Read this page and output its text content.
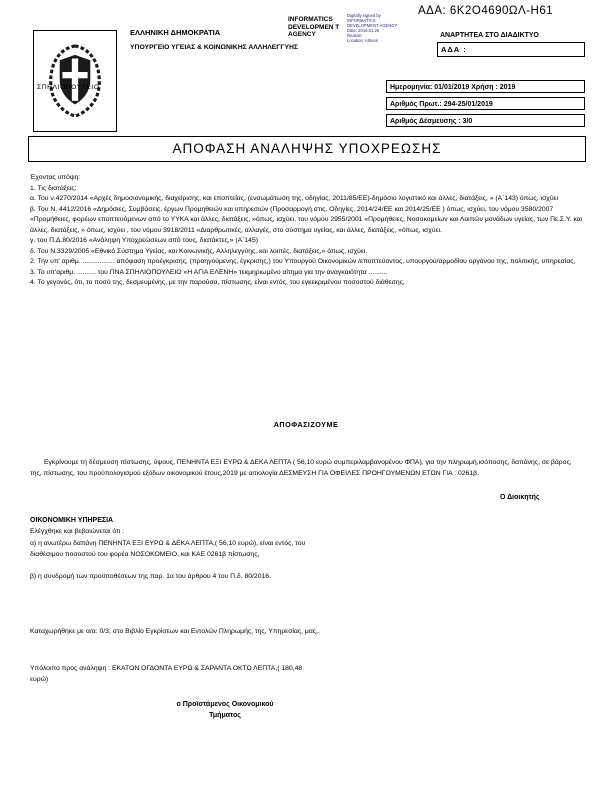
ΑΔΑ: 6Κ2Ο4690ΩΛ-Η61
ΕΛΛΗΝΙΚΗ ΔΗΜΟΚΡΑΤΙΑ
ΥΠΟΥΡΓΕΙΟ ΥΓΕΙΑΣ & ΚΟΙΝΩΝΙΚΗΣ ΑΛΛΗΛΕΓΓΥΗΣ
ΣΠΗΛΙΟΠΟΥΛΕΙΟ
INFORMATICS DEVELOPMEN T AGENCY
Digitally signed by
INFORMATICS
DEVELOPMENT AGENCY
Date: 2019.01.25
Reason:
Location: Athens
ΑΝΑΡΤΗΤΕΑ ΣΤΟ ΔΙΑΔΙΚΤΥΟ
ΑΔΑ :
Ημερομηνία: 01/01/2019 Χρήση : 2019
Αριθμός Πρωτ.: 294-25/01/2019
Αριθμός Δέσμευσης : 3/0
ΑΠΟΦΑΣΗ ΑΝΑΛΗΨΗΣ ΥΠΟΧΡΕΩΣΗΣ

Έχοντας υπόψη:

1. Τις διατάξεις:

α. Του ν.4270/2014 «Αρχές δημοσιονομικής, διαχείρισης, και εποπτείας, (ενσωμάτωση της, οδηγίας, 2011/85/ΕΕ)-δημόσιο λογιστικό και άλλες, διατάξεις, » (Α΄143) όπως, ισχύει

β. Του Ν. 4412/2016 «Δημόσιες, Συμβάσεις, έργων Προμηθειών και υπηρεσιών (Προσαρμογή στις, Οδηγίες, 2014/24/ΕΕ και 2014/25/ΕΕ ) όπως, ισχύει, του νόμου 3580/2007 «Προμήθειες, φορέων εποπτευόμενων από το ΥΥΚΑ και άλλες, διατάξεις, »όπως, ισχύει, του νόμου 2955/2001 «Προμήθειες, Νοσοκομείων και Λοιπών μονάδων υγείας, των Πε.Σ.Υ. και άλλες, διατάξεις, » όπως, ισχύει , του νόμου 3918/2011 «Διαρθρωτικές, αλλαγές, στο σύστημα υγείας, και άλλες, διατάξεις, »όπως, ισχύει.

γ. του Π.Δ.80/2016 «Ανάληψη Υποχρεώσεων από τους, διατάκτες,» (Α΄145)

δ. Του Ν.3329/2005 «Εθνικό Σύστημα Υγείας, και Κοινωνικής, Αλληλεγγύης, και λοιπές, διατάξεις,» όπως, ισχύει.

2. Την υπ' αριθμ. ................. απόφαση προέγκρισης, (προηγούμενης, έγκρισης,) του Υπουργού Οικονομικών /εποπτεύοντος, υπουργού/αρμοδίου οργάνου της, πολιτικής, υπηρεσίας,

3. Το υπ'αριθμ. .......... του ΠΝΑ ΣΠΗΛΙΟΠΟΥΛΕΙΟ «Η ΑΓΙΑ ΕΛΕΝΗ» τεκμηριωμένο αίτημα για την αναγκαιότητα ..........

4. Το γεγονός, ότι, το ποσό της, δεσμευμένης, με την παρούσα, πίστωσης, είναι εντός, του εγκεκριμένου ποσοστού διάθεσης,

ΑΠΟΦΑΣΙΖΟΥΜΕ

Εγκρίνουμε τη δέσμευση πίστωσης, ύψους, ΠΕΝΗΝΤΑ ΕΞΙ ΕΥΡΩ & ΔΕΚΑ ΛΕΠΤΑ ( 56,10 ευρώ συμπεριλαμβανομένου ΦΠΑ), για την πληρωμή,ισόποσης, δαπάνης, σε βάρος, της, πίστωσης, του προϋπολογισμού εξόδων οικονομικού έτους,2019 με αιτιολογία ΔΕΣΜΕΥΣΗ ΓΙΑ ΟΦΕΙΛΕΣ ΠΡΟΗΓΟΥΜΕΝΩΝ ΕΤΩΝ ΓΙΑ : 0261β.

Ο Διοικητής
ΟΙΚΟΝΟΜΙΚΗ ΥΠΗΡΕΣΙΑ
Ελέγχθηκε και βεβαιώνεται ότι :

α) η ανωτέρω δαπάνη ΠΕΝΗΝΤΑ ΕΞΙ ΕΥΡΩ & ΔΕΚΑ ΛΕΠΤΑ,( 56,10 ευρώ), είναι εντός, του διαθέσιμου ποσοστού του φορέα ΝΟΣΟΚΟΜΕΙΟ, και ΚΑΕ 0261β πίστωσης,

β) η συνδρομή των προϋποθέσεων της παρ. 1α του άρθρου 4 του Π.δ. 80/2016.

Καταχωρήθηκε με α/α: 0/3, στο Βιβλίο Εγκρίσεων και Εντολών Πληρωμής, της, Υπηρεσίας, μας,.

Υπόλοιπο προς ανάληψη : ΕΚΑΤΟΝ ΟΓΔΟΝΤΑ ΕΥΡΩ & ΣΑΡΑΝΤΑ ΟΚΤΩ ΛΕΠΤΑ,( 180,48 ευρώ)

ο Προϊστάμενος Οικονομικού
Τμήματος
